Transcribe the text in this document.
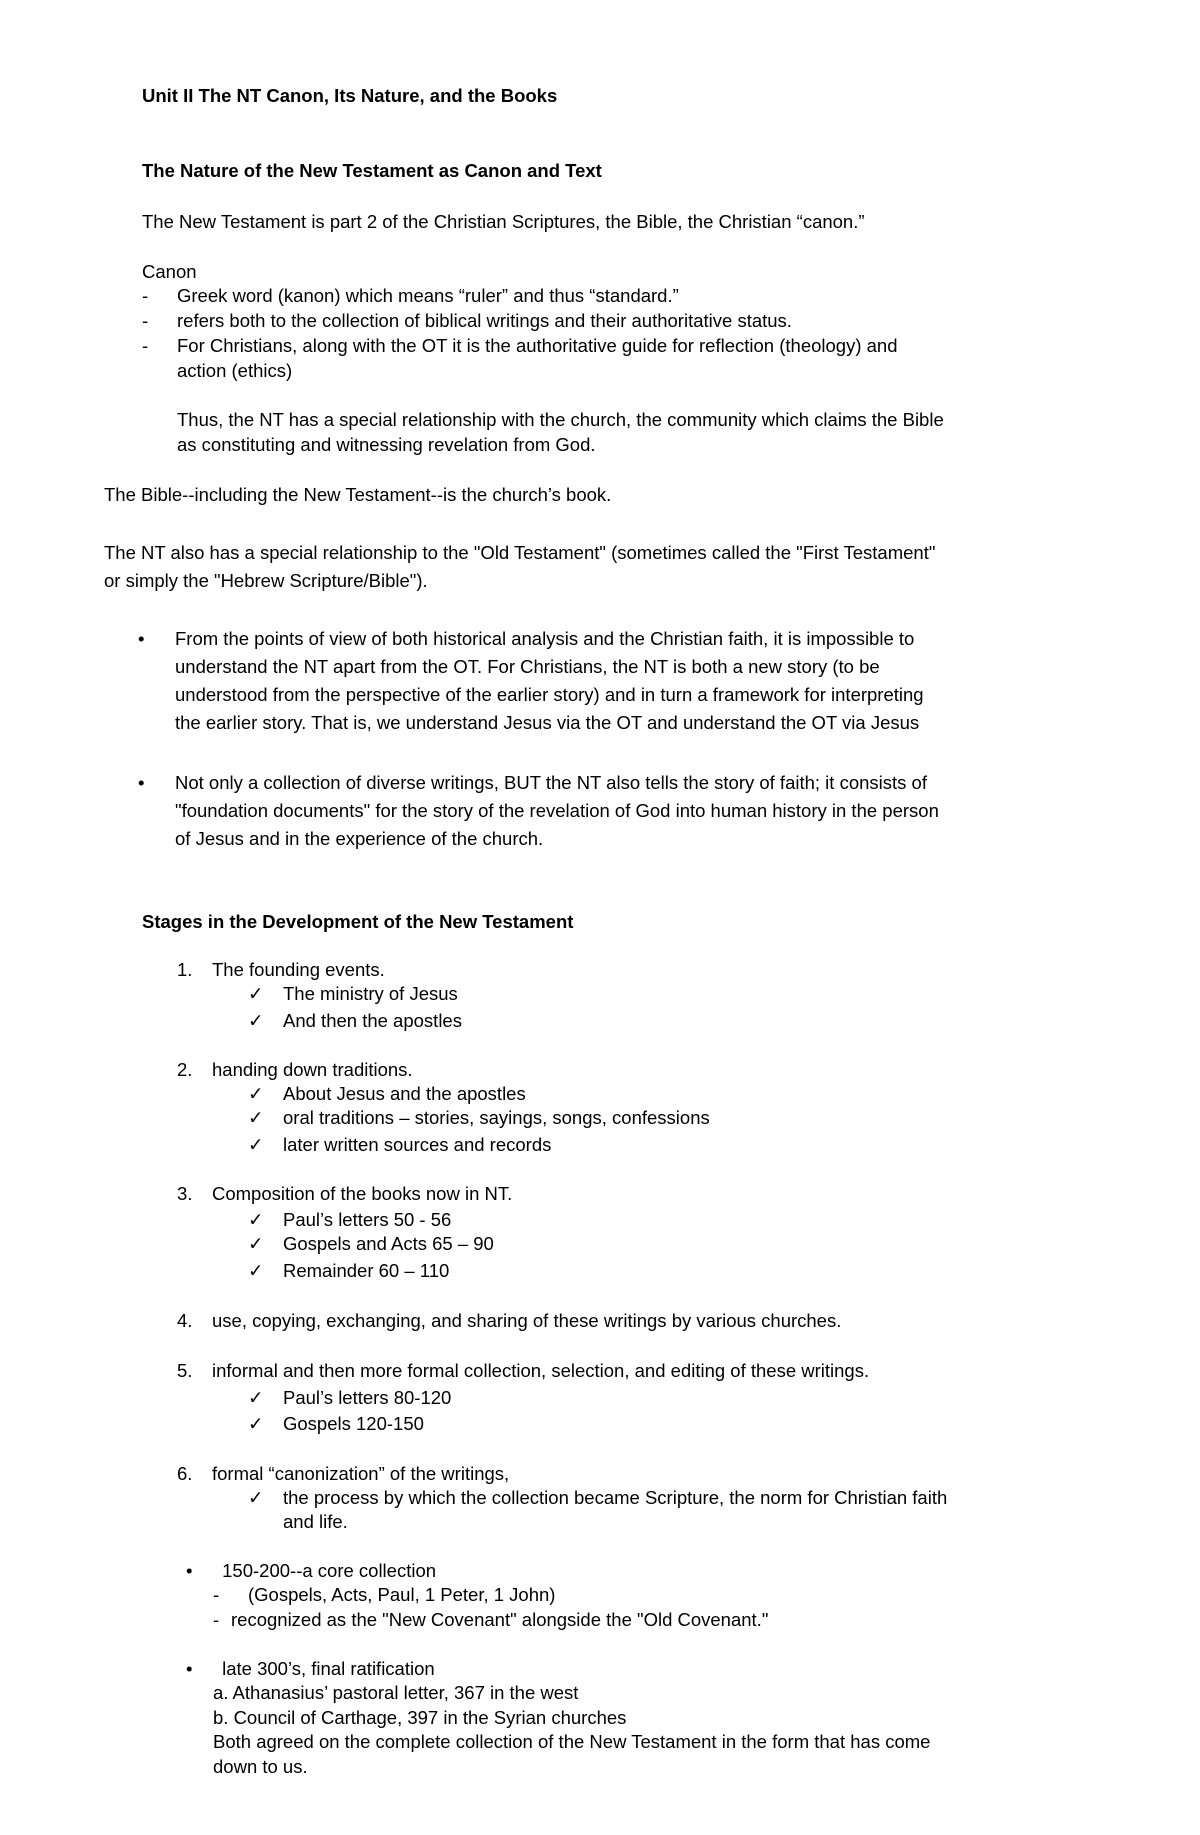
Unit II The NT Canon, Its Nature, and the Books
The Nature of the New Testament as Canon and Text
The New Testament is part 2 of the Christian Scriptures, the Bible, the Christian “canon.”
Canon
- Greek word (kanon) which means “ruler” and thus “standard.”
- refers both to the collection of biblical writings and their authoritative status.
- For Christians, along with the OT it is the authoritative guide for reflection (theology) and
action (ethics)
Thus, the NT has a special relationship with the church, the community which claims the Bible
as constituting and witnessing revelation from God.
The Bible--including the New Testament--is the church’s book.
The NT also has a special relationship to the "Old Testament" (sometimes called the "First Testament"
or simply the "Hebrew Scripture/Bible").
• From the points of view of both historical analysis and the Christian faith, it is impossible to
understand the NT apart from the OT. For Christians, the NT is both a new story (to be
understood from the perspective of the earlier story) and in turn a framework for interpreting
the earlier story. That is, we understand Jesus via the OT and understand the OT via Jesus
• Not only a collection of diverse writings, BUT the NT also tells the story of faith; it consists of
"foundation documents" for the story of the revelation of God into human history in the person
of Jesus and in the experience of the church.
Stages in the Development of the New Testament
1. The founding events.
✓ The ministry of Jesus
✓ And then the apostles
2. handing down traditions.
✓ About Jesus and the apostles
✓ oral traditions – stories, sayings, songs, confessions
✓ later written sources and records
3. Composition of the books now in NT.
✓ Paul’s letters 50 - 56
✓ Gospels and Acts 65 – 90
✓ Remainder 60 – 110
4. use, copying, exchanging, and sharing of these writings by various churches.
5. informal and then more formal collection, selection, and editing of these writings.
✓ Paul’s letters 80-120
✓ Gospels 120-150
6. formal “canonization” of the writings,
✓ the process by which the collection became Scripture, the norm for Christian faith
and life.
• 150-200--a core collection
- (Gospels, Acts, Paul, 1 Peter, 1 John)
- recognized as the "New Covenant" alongside the "Old Covenant."
• late 300’s, final ratification
a. Athanasius’ pastoral letter, 367 in the west
b. Council of Carthage, 397 in the Syrian churches
Both agreed on the complete collection of the New Testament in the form that has come
down to us.
